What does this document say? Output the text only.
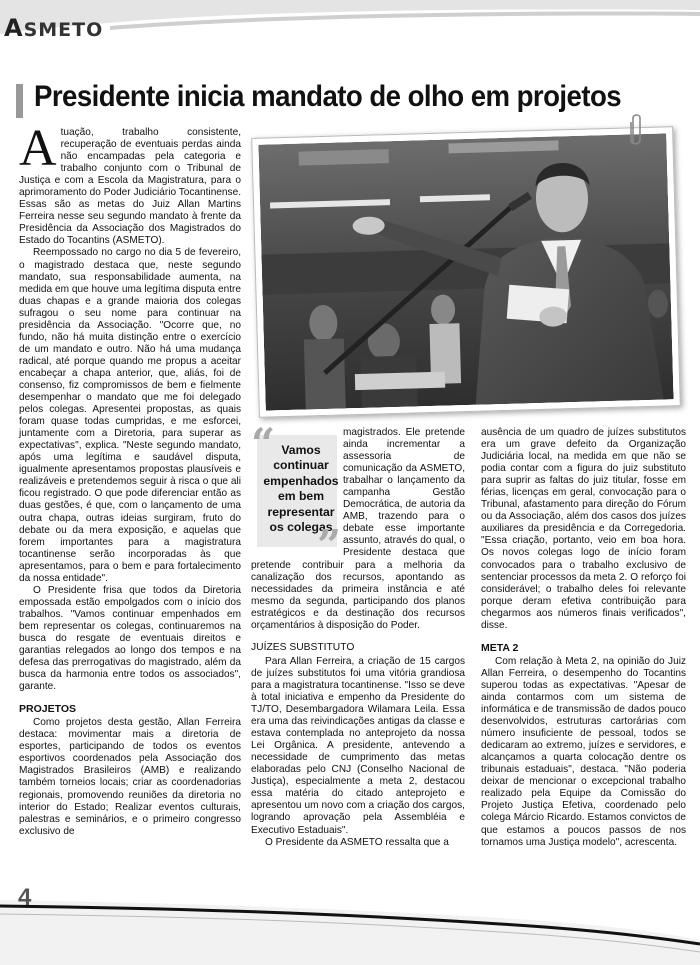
ASMETO
Presidente inicia mandato de olho em projetos

Atuação, trabalho consistente, recuperação de eventuais perdas ainda não encampadas pela categoria e trabalho conjunto com o Tribunal de Justiça e com a Escola da Magistratura, para o aprimoramento do Poder Judiciário Tocantinense. Essas são as metas do Juiz Allan Martins Ferreira nesse seu segundo mandato à frente da Presidência da Associação dos Magistrados do Estado do Tocantins (ASMETO).

Reempossado no cargo no dia 5 de fevereiro, o magistrado destaca que, neste segundo mandato, sua responsabilidade aumenta, na medida em que houve uma legítima disputa entre duas chapas e a grande maioria dos colegas sufragou o seu nome para continuar na presidência da Associação. "Ocorre que, no fundo, não há muita distinção entre o exercício de um mandato e outro. Não há uma mudança radical, até porque quando me propus a aceitar encabeçar a chapa anterior, que, aliás, foi de consenso, fiz compromissos de bem e fielmente desempenhar o mandato que me foi delegado pelos colegas. Apresentei propostas, as quais foram quase todas cumpridas, e me esforcei, juntamente com a Diretoria, para superar as expectativas", explica. "Neste segundo mandato, após uma legítima e saudável disputa, igualmente apresentamos propostas plausíveis e realizáveis e pretendemos seguir à risca o que ali ficou registrado. O que pode diferenciar então as duas gestões, é que, com o lançamento de uma outra chapa, outras ideias surgiram, fruto do debate ou da mera exposição, e aquelas que forem importantes para a magistratura tocantinense serão incorporadas às que apresentamos, para o bem e para fortalecimento da nossa entidade".

O Presidente frisa que todos da Diretoria empossada estão empolgados com o início dos trabalhos. "Vamos continuar empenhados em bem representar os colegas, continuaremos na busca do resgate de eventuais direitos e garantias relegados ao longo dos tempos e na defesa das prerrogativas do magistrado, além da busca da harmonia entre todos os associados", garante.

PROJETOS

Como projetos desta gestão, Allan Ferreira destaca: movimentar mais a diretoria de esportes, participando de todos os eventos esportivos coordenados pela Associação dos Magistrados Brasileiros (AMB) e realizando também torneios locais; criar as coordenadorias regionais, promovendo reuniões da diretoria no interior do Estado; Realizar eventos culturais, palestras e seminários, e o primeiro congresso exclusivo de

“ Vamos continuar empenhados em bem representar os colegas
”

magistrados. Ele pretende ainda incrementar a assessoria de comunicação da ASMETO, trabalhar o lançamento da campanha Gestão Democrática, de autoria da AMB, trazendo para o debate esse importante assunto, através do qual, o Presidente destaca que pretende contribuir para a melhoria da canalização dos recursos, apontando as necessidades da primeira instância e até mesmo da segunda, participando dos planos estratégicos e da destinação dos recursos orçamentários à disposição do Poder.

JUÍZES SUBSTITUTO

Para Allan Ferreira, a criação de 15 cargos de juízes substitutos foi uma vitória grandiosa para a magistratura tocantinense. "Isso se deve à total iniciativa e empenho da Presidente do TJ/TO, Desembargadora Wilamara Leila. Essa era uma das reivindicações antigas da classe e estava contemplada no anteprojeto da nossa Lei Orgânica. A presidente, antevendo a necessidade de cumprimento das metas elaboradas pelo CNJ (Conselho Nacional de Justiça), especialmente a meta 2, destacou essa matéria do citado anteprojeto e apresentou um novo com a criação dos cargos, logrando aprovação pela Assembléia e Executivo Estaduais".

O Presidente da ASMETO ressalta que a

ausência de um quadro de juízes substitutos era um grave defeito da Organização Judiciária local, na medida em que não se podia contar com a figura do juiz substituto para suprir as faltas do juiz titular, fosse em férias, licenças em geral, convocação para o Tribunal, afastamento para direção do Fórum ou da Associação, além dos casos dos juízes auxiliares da presidência e da Corregedoria. "Essa criação, portanto, veio em boa hora. Os novos colegas logo de início foram convocados para o trabalho exclusivo de sentenciar processos da meta 2. O reforço foi considerável; o trabalho deles foi relevante porque deram efetiva contribuição para chegarmos aos números finais verificados", disse.

META 2

Com relação à Meta 2, na opinião do Juiz Allan Ferreira, o desempenho do Tocantins superou todas as expectativas. "Apesar de ainda contarmos com um sistema de informática e de transmissão de dados pouco desenvolvidos, estruturas cartorárias com número insuficiente de pessoal, todos se dedicaram ao extremo, juízes e servidores, e alcançamos a quarta colocação dentre os tribunais estaduais", destaca. "Não poderia deixar de mencionar o excepcional trabalho realizado pela Equipe da Comissão do Projeto Justiça Efetiva, coordenado pelo colega Márcio Ricardo. Estamos convictos de que estamos a poucos passos de nos tornamos uma Justiça modelo", acrescenta.

4
